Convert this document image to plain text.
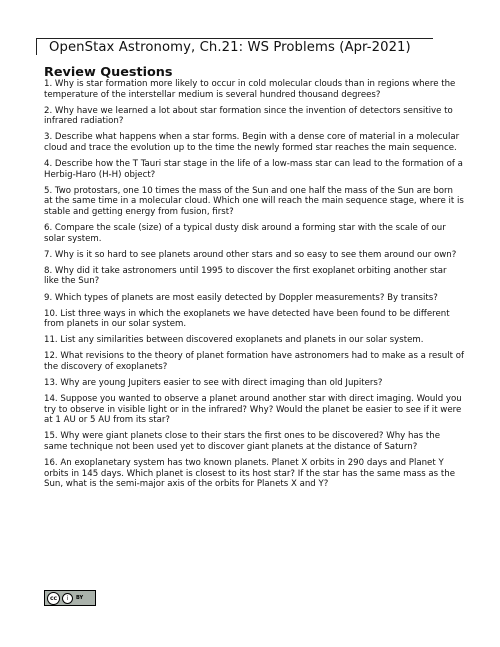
OpenStax Astronomy, Ch.21: WS Problems (Apr-2021)
Review Questions
1. Why is star formation more likely to occur in cold molecular clouds than in regions where the temperature of the interstellar medium is several hundred thousand degrees?
2. Why have we learned a lot about star formation since the invention of detectors sensitive to infrared radiation?
3. Describe what happens when a star forms. Begin with a dense core of material in a molecular cloud and trace the evolution up to the time the newly formed star reaches the main sequence.
4. Describe how the T Tauri star stage in the life of a low-mass star can lead to the formation of a Herbig-Haro (H-H) object?
5. Two protostars, one 10 times the mass of the Sun and one half the mass of the Sun are born at the same time in a molecular cloud. Which one will reach the main sequence stage, where it is stable and getting energy from fusion, first?
6. Compare the scale (size) of a typical dusty disk around a forming star with the scale of our solar system.
7. Why is it so hard to see planets around other stars and so easy to see them around our own?
8. Why did it take astronomers until 1995 to discover the first exoplanet orbiting another star like the Sun?
9. Which types of planets are most easily detected by Doppler measurements? By transits?
10. List three ways in which the exoplanets we have detected have been found to be different from planets in our solar system.
11. List any similarities between discovered exoplanets and planets in our solar system.
12. What revisions to the theory of planet formation have astronomers had to make as a result of the discovery of exoplanets?
13. Why are young Jupiters easier to see with direct imaging than old Jupiters?
14. Suppose you wanted to observe a planet around another star with direct imaging. Would you try to observe in visible light or in the infrared? Why? Would the planet be easier to see if it were at 1 AU or 5 AU from its star?
15. Why were giant planets close to their stars the first ones to be discovered? Why has the same technique not been used yet to discover giant planets at the distance of Saturn?
16. An exoplanetary system has two known planets. Planet X orbits in 290 days and Planet Y orbits in 145 days. Which planet is closest to its host star? If the star has the same mass as the Sun, what is the semi-major axis of the orbits for Planets X and Y?
cc	i	BY
